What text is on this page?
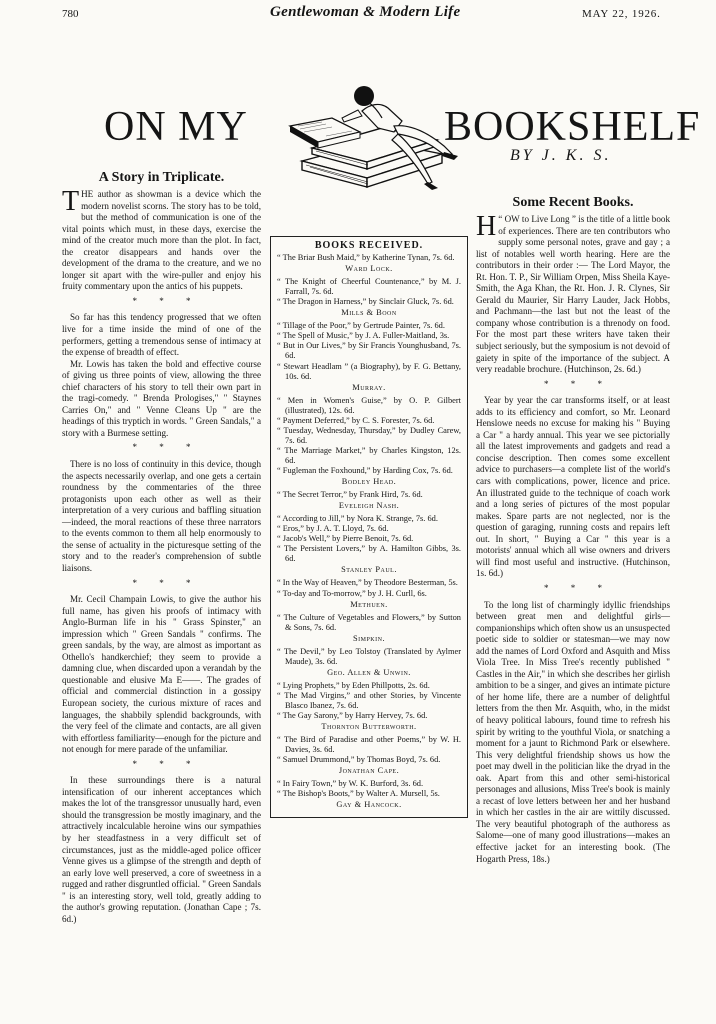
780	Gentlewoman & Modern Life	MAY 22, 1926.
ON MY	BOOKSHELF
BY J. K. S.
A Story in Triplicate.

THE author as showman is a device which the modern novelist scorns. The story has to be told, but the method of communication is one of the vital points which must, in these days, exercise the mind of the creator much more than the plot. In fact, the creator disappears and hands over the development of the drama to the creature, and we no longer sit apart with the wire-puller and enjoy his fruity commentary upon the antics of his puppets.

* * *

So far has this tendency progressed that we often live for a time inside the mind of one of the performers, getting a tremendous sense of intimacy at the expense of breadth of effect.

Mr. Lowis has taken the bold and effective course of giving us three points of view, allowing the three chief characters of his story to tell their own part in the tragi-comedy. " Brenda Prologises," " Staynes Carries On," and " Venne Cleans Up " are the headings of this tryptich in words. " Green Sandals," a story with a Burmese setting.

* * *

There is no loss of continuity in this device, though the aspects necessarily overlap, and one gets a certain roundness by the commentaries of the three protagonists upon each other as well as their interpretation of a very curious and baffling situation—indeed, the moral reactions of these three narrators to the events common to them all help enormously to the sense of actuality in the picturesque setting of the story and to the reader's comprehension of subtle liaisons.

* * *

Mr. Cecil Champain Lowis, to give the author his full name, has given his proofs of intimacy with Anglo-Burman life in his " Grass Spinster," an impression which " Green Sandals " confirms. The green sandals, by the way, are almost as important as Othello's handkerchief; they seem to provide a damning clue, when discarded upon a verandah by the questionable and elusive Ma E——. The grades of official and commercial distinction in a gossipy European society, the curious mixture of races and languages, the shabbily splendid backgrounds, with the very feel of the climate and contacts, are all given with effortless familiarity—enough for the picture and not enough for mere parade of the unfamiliar.

* * *

In these surroundings there is a natural intensification of our inherent acceptances which makes the lot of the transgressor unusually hard, even should the transgression be mostly imaginary, and the attractively incalculable heroine wins our sympathies by her steadfastness in a very difficult set of circumstances, just as the middle-aged police officer Venne gives us a glimpse of the strength and depth of an early love well preserved, a core of sweetness in a rugged and rather disgruntled official. " Green Sandals " is an interesting story, well told, greatly adding to the author's growing reputation. (Jonathan Cape ; 7s. 6d.)

BOOKS RECEIVED.
“ The Briar Bush Maid,” by Katherine Tynan, 7s. 6d.
Ward Lock.
“ The Knight of Cheerful Countenance,” by M. J. Farrall, 7s. 6d.
“ The Dragon in Harness,” by Sinclair Gluck, 7s. 6d.
Mills & Boon
“ Tillage of the Poor,” by Gertrude Painter, 7s. 6d.
“ The Spell of Music,” by J. A. Fuller-Maitland, 3s.
“ But in Our Lives,” by Sir Francis Younghusband, 7s. 6d.
“ Stewart Headlam ” (a Biography), by F. G. Bettany, 10s. 6d.
Murray.
“ Men in Women's Guise,” by O. P. Gilbert (illustrated), 12s. 6d.
“ Payment Deferred,” by C. S. Forester, 7s. 6d.
“ Tuesday, Wednesday, Thursday,” by Dudley Carew, 7s. 6d.
“ The Marriage Market,” by Charles Kingston, 12s. 6d.
“ Fugleman the Foxhound,” by Harding Cox, 7s. 6d.
Bodley Head.
“ The Secret Terror,” by Frank Hird, 7s. 6d.
Eveleigh Nash.
“ According to Jill,” by Nora K. Strange, 7s. 6d.
“ Eros,” by J. A. T. Lloyd, 7s. 6d.
“ Jacob's Well,” by Pierre Benoit, 7s. 6d.
“ The Persistent Lovers,” by A. Hamilton Gibbs, 3s. 6d.
Stanley Paul.
“ In the Way of Heaven,” by Theodore Besterman, 5s.
“ To-day and To-morrow,” by J. H. Curll, 6s.
Methuen.
“ The Culture of Vegetables and Flowers,” by Sutton & Sons, 7s. 6d.
Simpkin.
“ The Devil,” by Leo Tolstoy (Translated by Aylmer Maude), 3s. 6d.
Geo. Allen & Unwin.
“ Lying Prophets,” by Eden Phillpotts, 2s. 6d.
“ The Mad Virgins,” and other Stories, by Vincente Blasco Ibanez, 7s. 6d.
“ The Gay Sarony,” by Harry Hervey, 7s. 6d.
Thornton Butterworth.
“ The Bird of Paradise and other Poems,” by W. H. Davies, 3s. 6d.
“ Samuel Drummond,” by Thomas Boyd, 7s. 6d.
Jonathan Cape.
“ In Fairy Town,” by W. K. Burford, 3s. 6d.
“ The Bishop's Boots,” by Walter A. Mursell, 5s.
Gay & Hancock.
Some Recent Books.

H “ OW to Live Long ” is the title of a little book of experiences. There are ten contributors who supply some personal notes, grave and gay ; a list of notables well worth hearing. Here are the contributors in their order :— The Lord Mayor, the Rt. Hon. T. P., Sir William Orpen, Miss Sheila Kaye-Smith, the Aga Khan, the Rt. Hon. J. R. Clynes, Sir Gerald du Maurier, Sir Harry Lauder, Jack Hobbs, and Pachmann—the last but not the least of the company whose contribution is a threnody on food. For the most part these writers have taken their subject seriously, but the symposium is not devoid of gaiety in spite of the importance of the subject. A very readable brochure. (Hutchinson, 2s. 6d.)

* * *

Year by year the car transforms itself, or at least adds to its efficiency and comfort, so Mr. Leonard Henslowe needs no excuse for making his " Buying a Car " a hardy annual. This year we see pictorially all the latest improvements and gadgets and read a concise description. Then comes some excellent advice to purchasers—a complete list of the world's cars with complications, power, licence and price. An illustrated guide to the technique of coach work and a long series of pictures of the most popular makes. Spare parts are not neglected, nor is the question of garaging, running costs and repairs left out. In short, " Buying a Car " this year is a motorists' annual which all wise owners and drivers will find most useful and instructive. (Hutchinson, 1s. 6d.)

* * *

To the long list of charmingly idyllic friendships between great men and delightful girls—companionships which often show us an unsuspected poetic side to soldier or statesman—we may now add the names of Lord Oxford and Asquith and Miss Viola Tree. In Miss Tree's recently published " Castles in the Air," in which she describes her girlish ambition to be a singer, and gives an intimate picture of her home life, there are a number of delightful letters from the then Mr. Asquith, who, in the midst of heavy political labours, found time to refresh his spirit by writing to the youthful Viola, or snatching a moment for a jaunt to Richmond Park or elsewhere. This very delightful friendship shows us how the poet may dwell in the politician like the dryad in the oak. Apart from this and other semi-historical personages and allusions, Miss Tree's book is mainly a recast of love letters between her and her husband in which her castles in the air are wittily discussed. The very beautiful photograph of the authoress as Salome—one of many good illustrations—makes an effective jacket for an interesting book. (The Hogarth Press, 18s.)
